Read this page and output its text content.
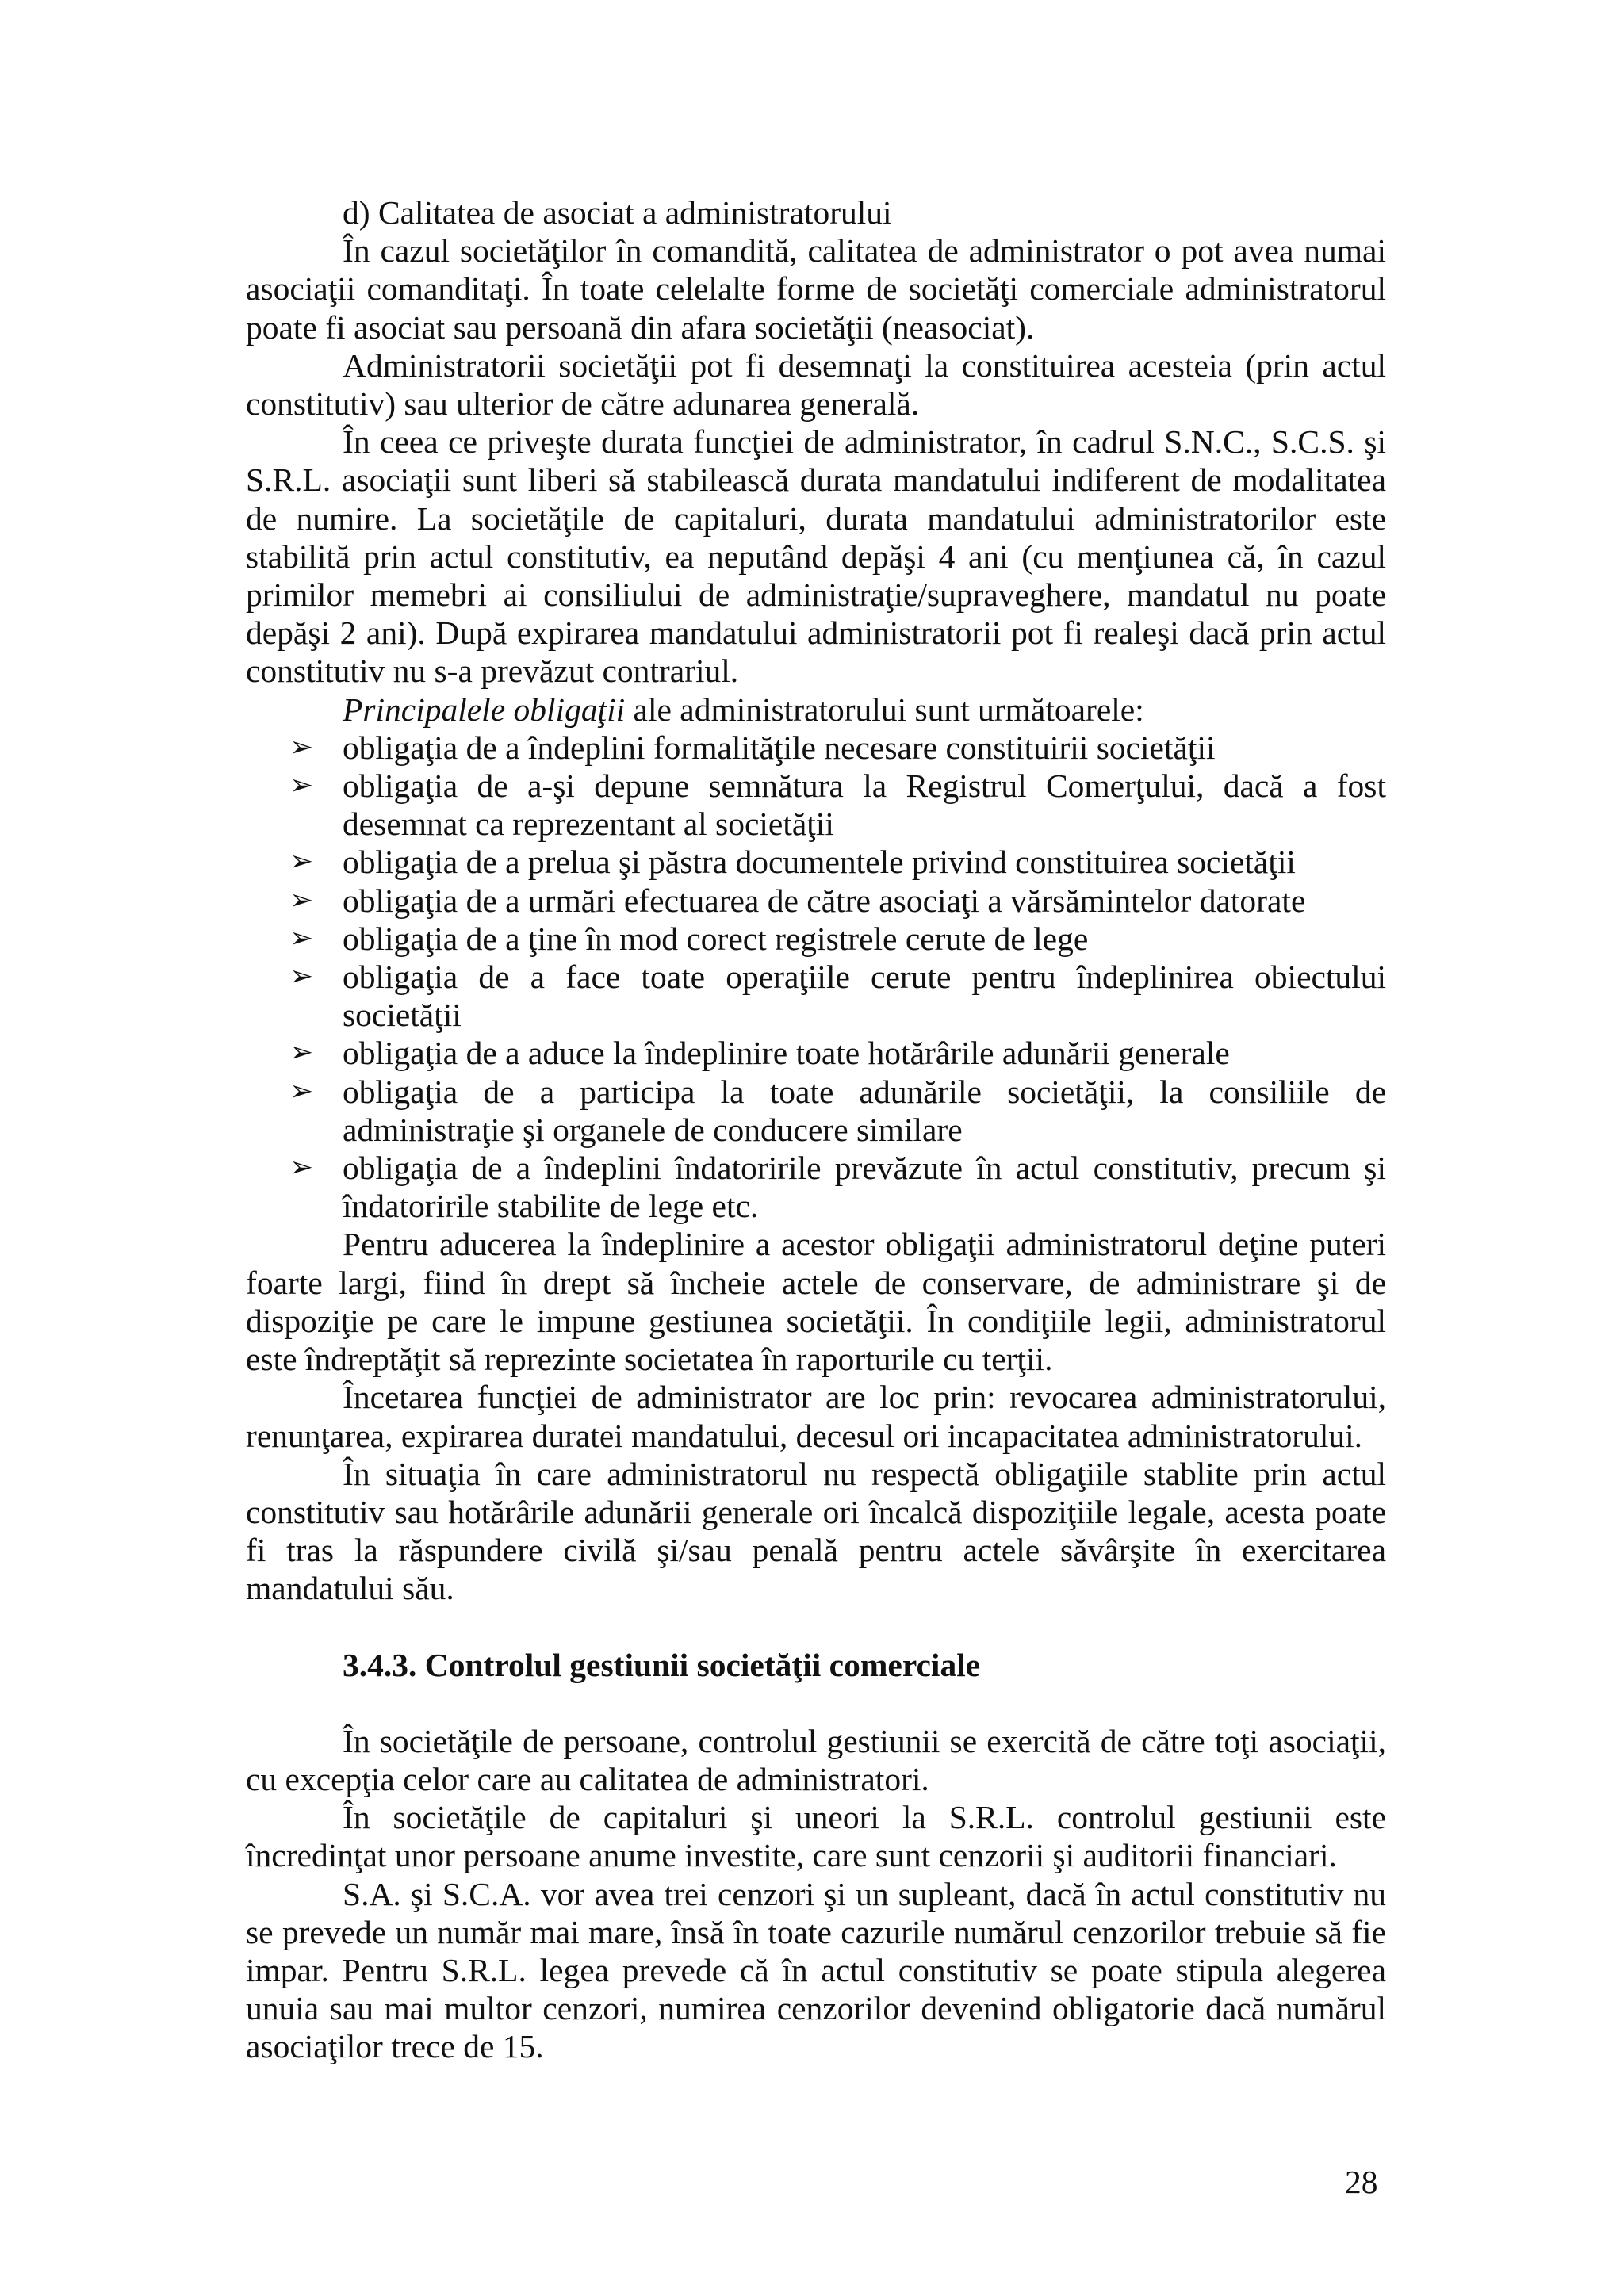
d) Calitatea de asociat a administratorului

În cazul societăţilor în comandită, calitatea de administrator o pot avea numai asociaţii comanditaţi. În toate celelalte forme de societăţi comerciale administratorul poate fi asociat sau persoană din afara societăţii (neasociat).

Administratorii societăţii pot fi desemnaţi la constituirea acesteia (prin actul constitutiv) sau ulterior de către adunarea generală.

În ceea ce priveşte durata funcţiei de administrator, în cadrul S.N.C., S.C.S. şi S.R.L. asociaţii sunt liberi să stabilească durata mandatului indiferent de modalitatea de numire. La societăţile de capitaluri, durata mandatului administratorilor este stabilită prin actul constitutiv, ea neputând depăşi 4 ani (cu menţiunea că, în cazul primilor memebri ai consiliului de administraţie/supraveghere, mandatul nu poate depăşi 2 ani). După expirarea mandatului administratorii pot fi realeşi dacă prin actul constitutiv nu s-a prevăzut contrariul.

Principalele obligaţii ale administratorului sunt următoarele:

➢ obligaţia de a îndeplini formalităţile necesare constituirii societăţii
➢ obligaţia de a-şi depune semnătura la Registrul Comerţului, dacă a fost desemnat ca reprezentant al societăţii
➢ obligaţia de a prelua şi păstra documentele privind constituirea societăţii
➢ obligaţia de a urmări efectuarea de către asociaţi a vărsămintelor datorate
➢ obligaţia de a ţine în mod corect registrele cerute de lege
➢ obligaţia de a face toate operaţiile cerute pentru îndeplinirea obiectului societăţii
➢ obligaţia de a aduce la îndeplinire toate hotărârile adunării generale
➢ obligaţia de a participa la toate adunările societăţii, la consiliile de administraţie şi organele de conducere similare
➢ obligaţia de a îndeplini îndatoririle prevăzute în actul constitutiv, precum şi îndatoririle stabilite de lege etc.

Pentru aducerea la îndeplinire a acestor obligaţii administratorul deţine puteri foarte largi, fiind în drept să încheie actele de conservare, de administrare şi de dispoziţie pe care le impune gestiunea societăţii. În condiţiile legii, administratorul este îndreptăţit să reprezinte societatea în raporturile cu terţii.

Încetarea funcţiei de administrator are loc prin: revocarea administratorului, renunţarea, expirarea duratei mandatului, decesul ori incapacitatea administratorului.

În situaţia în care administratorul nu respectă obligaţiile stablite prin actul constitutiv sau hotărârile adunării generale ori încalcă dispoziţiile legale, acesta poate fi tras la răspundere civilă şi/sau penală pentru actele săvârşite în exercitarea mandatului său.

3.4.3. Controlul gestiunii societăţii comerciale

În societăţile de persoane, controlul gestiunii se exercită de către toţi asociaţii, cu excepţia celor care au calitatea de administratori.

În societăţile de capitaluri şi uneori la S.R.L. controlul gestiunii este încredinţat unor persoane anume investite, care sunt cenzorii şi auditorii financiari.

S.A. şi S.C.A. vor avea trei cenzori şi un supleant, dacă în actul constitutiv nu se prevede un număr mai mare, însă în toate cazurile numărul cenzorilor trebuie să fie impar. Pentru S.R.L. legea prevede că în actul constitutiv se poate stipula alegerea unuia sau mai multor cenzori, numirea cenzorilor devenind obligatorie dacă numărul asociaţilor trece de 15.

28
